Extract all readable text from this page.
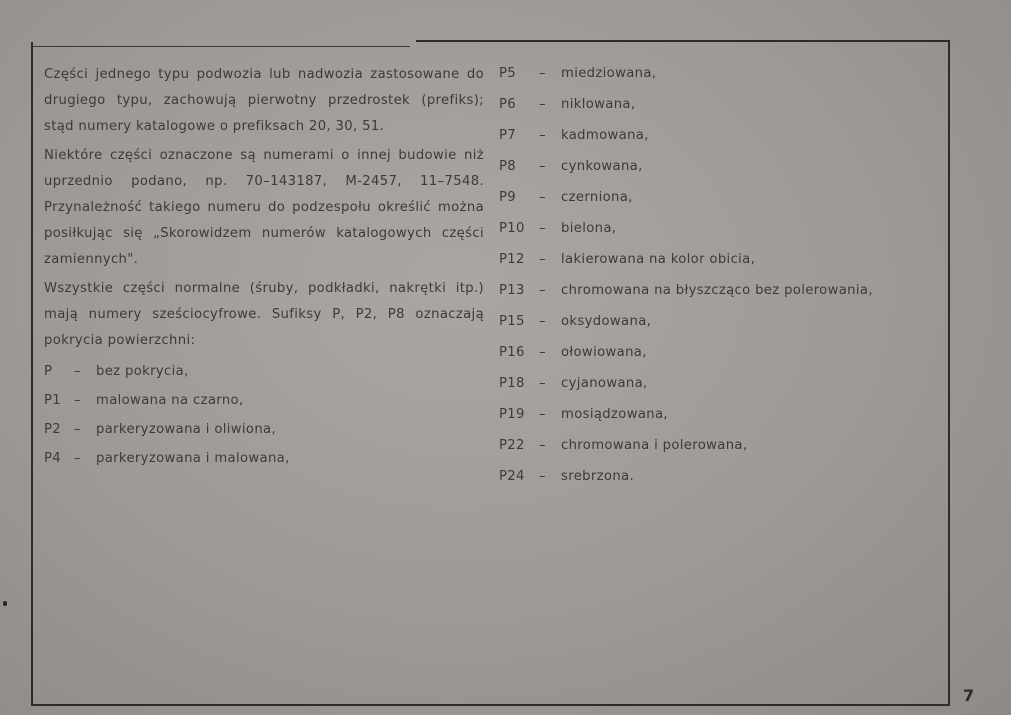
Części jednego typu podwozia lub nadwozia zastosowane do drugiego typu, zachowują pierwotny przedrostek (prefiks); stąd numery katalogowe o prefiksach 20, 30, 51.

Niektóre części oznaczone są numerami o innej budowie niż uprzednio podano, np. 70–143187, M-2457, 11–7548. Przynależność takiego numeru do podzespołu określić można posiłkując się „Skorowidzem numerów katalogowych części zamiennych".

Wszystkie części normalne (śruby, podkładki, nakrętki itp.) mają numery sześciocyfrowe. Sufiksy P, P2, P8 oznaczają pokrycia powierzchni:

P – bez pokrycia,
P1 – malowana na czarno,
P2 – parkeryzowana i oliwiona,
P4 – parkeryzowana i malowana,
P5 – miedziowana,
P6 – niklowana,
P7 – kadmowana,
P8 – cynkowana,
P9 – czerniona,
P10 – bielona,
P12 – lakierowana na kolor obicia,
P13 – chromowana na błyszcząco bez polerowania,
P15 – oksydowana,
P16 – ołowiowana,
P18 – cyjanowana,
P19 – mosiądzowana,
P22 – chromowana i polerowana,
P24 – srebrzona.
7
